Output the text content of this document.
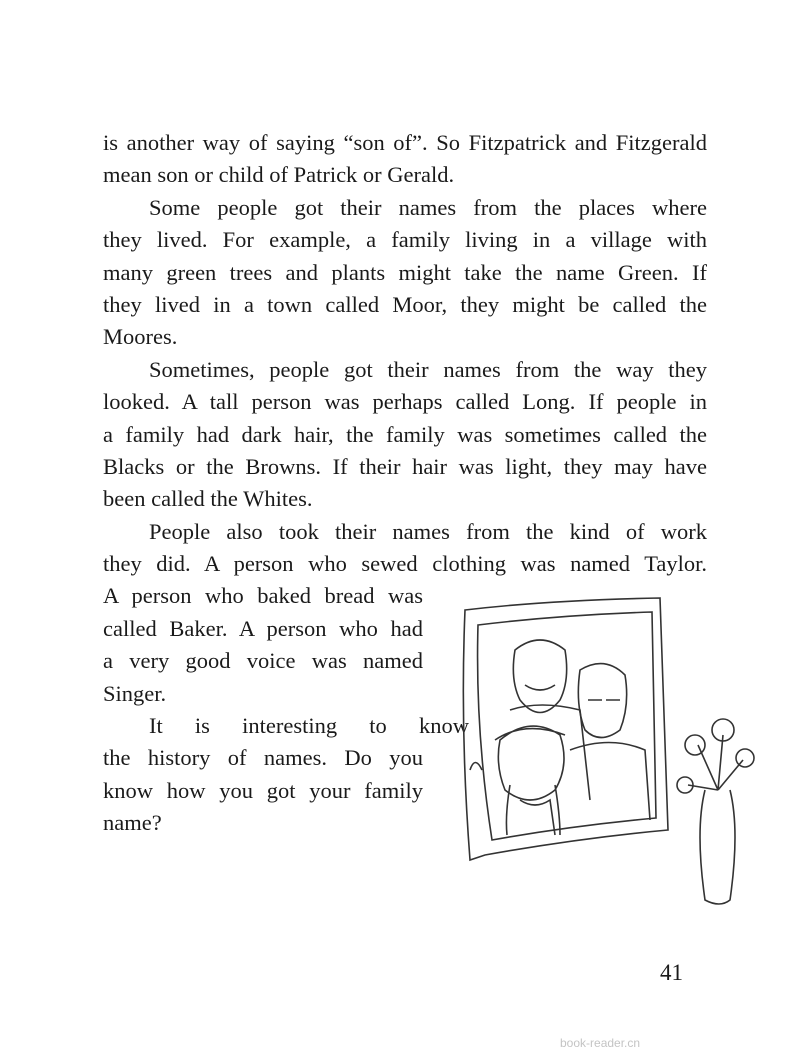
is another way of saying “son of”. So Fitzpatrick and Fitzgerald
mean son or child of Patrick or Gerald.
Some people got their names from the places where
they lived. For example, a family living in a village with
many green trees and plants might take the name Green. If
they lived in a town called Moor, they might be called the
Moores.
Sometimes, people got their names from the way they
looked. A tall person was perhaps called Long. If people in
a family had dark hair, the family was sometimes called the
Blacks or the Browns. If their hair was light, they may have
been called the Whites.
People also took their names from the kind of work
they did. A person who sewed clothing was named Taylor.
A person who baked bread was
called Baker. A person who had
a very good voice was named
Singer.
It is interesting to know
the history of names. Do you
know how you got your family
name?
41
book-reader.cn
